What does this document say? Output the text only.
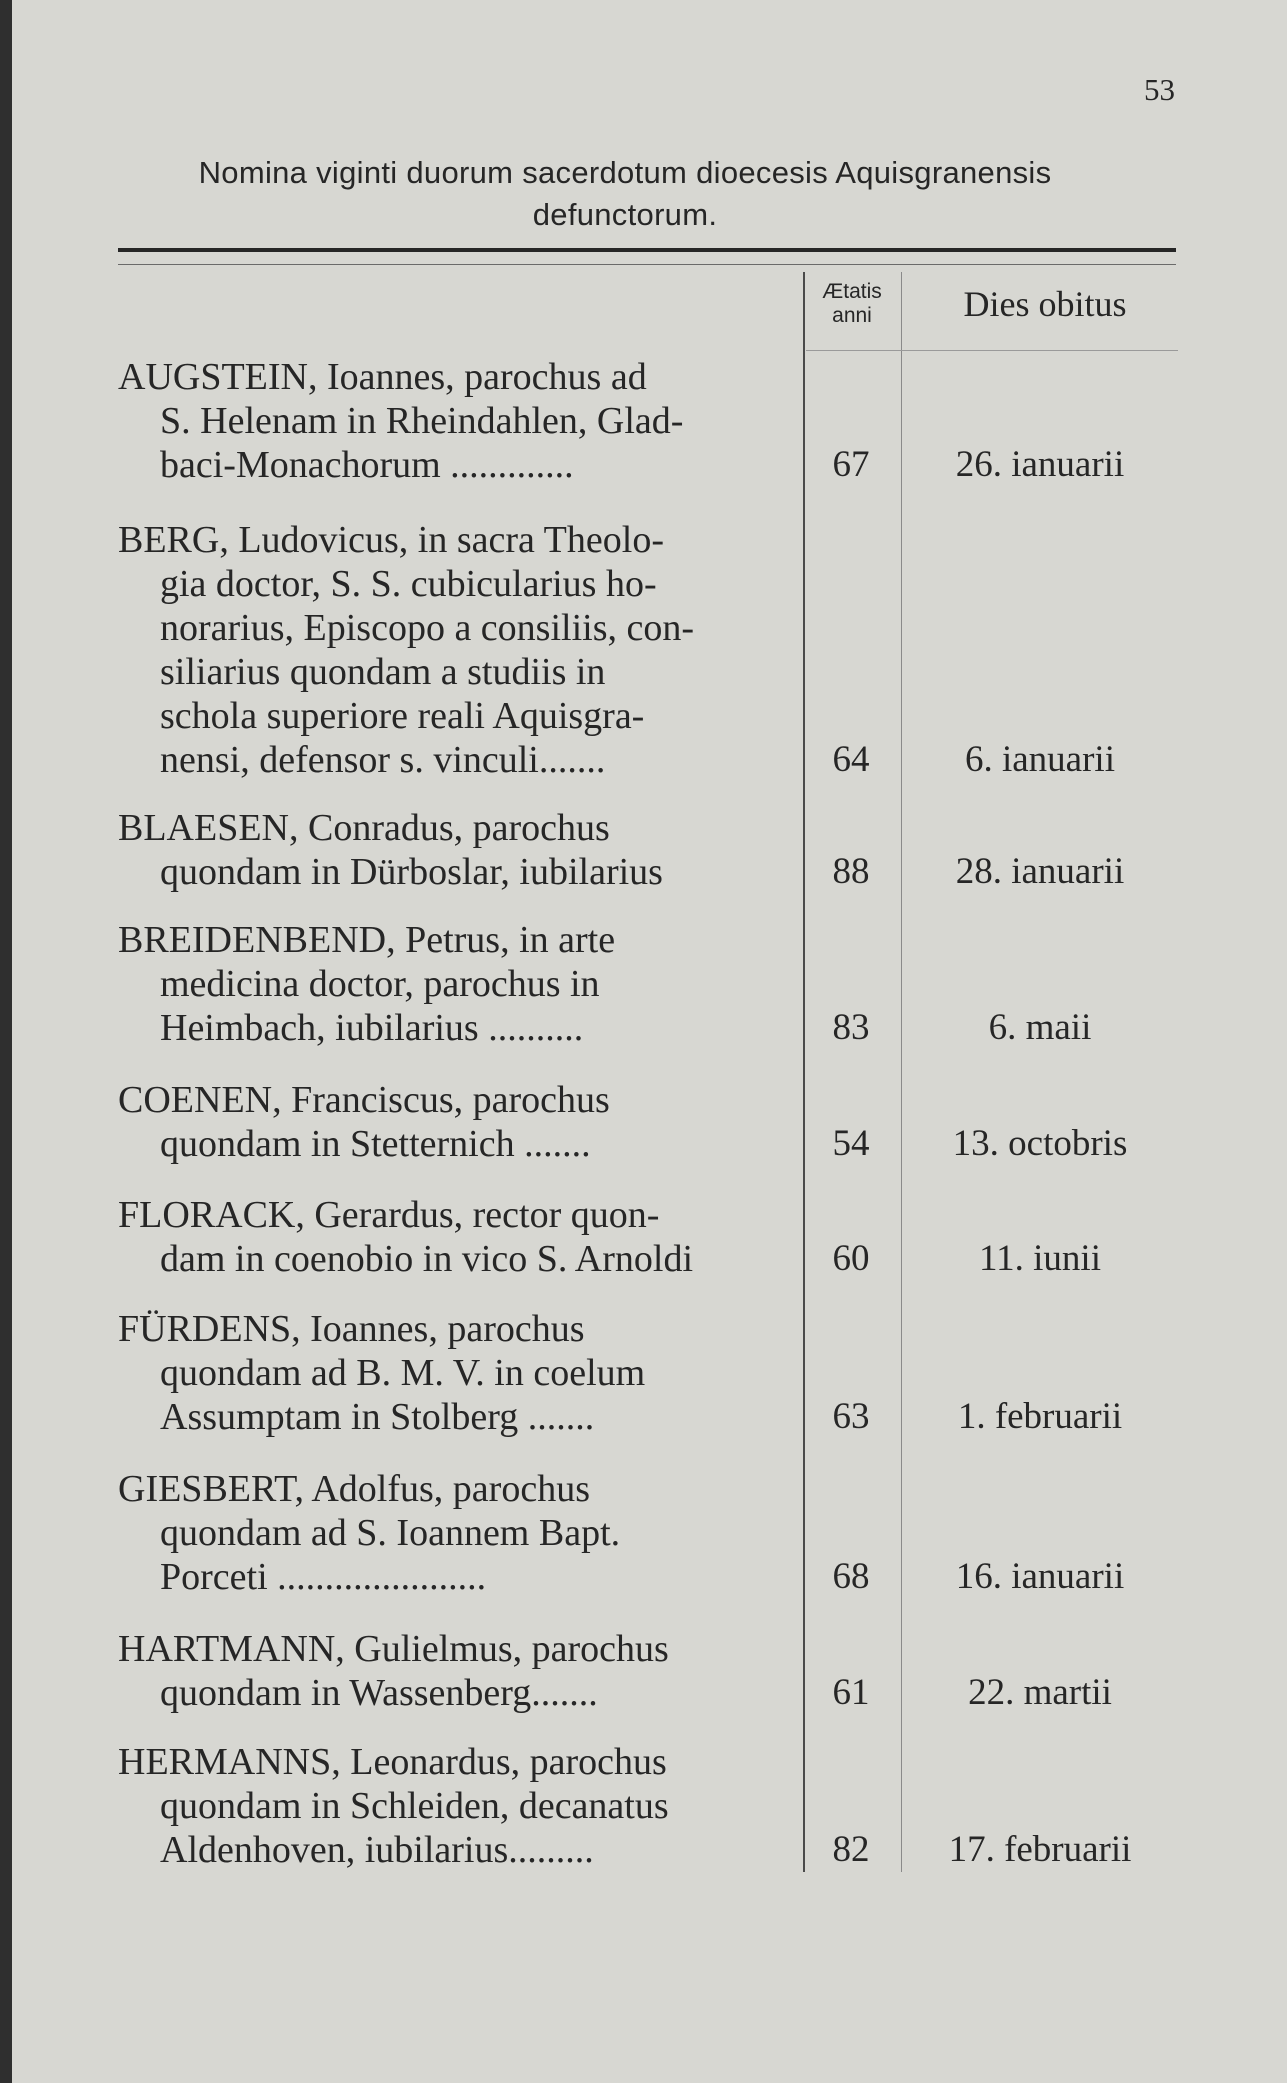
53
Nomina viginti duorum sacerdotum dioecesis Aquisgranensis
defunctorum.
Ætatis
anni	Dies obitus
AUGSTEIN, Ioannes, parochus ad
S. Helenam in Rheindahlen, Glad-
baci-Monachorum .............	67	26. ianuarii
BERG, Ludovicus, in sacra Theolo-
gia doctor, S. S. cubicularius ho-
norarius, Episcopo a consiliis, con-
siliarius quondam a studiis in
schola superiore reali Aquisgra-
nensi, defensor s. vinculi.......	64	6. ianuarii
BLAESEN, Conradus, parochus
quondam in Dürboslar, iubilarius	88	28. ianuarii
BREIDENBEND, Petrus, in arte
medicina doctor, parochus in
Heimbach, iubilarius ..........	83	6. maii
COENEN, Franciscus, parochus
quondam in Stetternich .......	54	13. octobris
FLORACK, Gerardus, rector quon-
dam in coenobio in vico S. Arnoldi	60	11. iunii
FÜRDENS, Ioannes, parochus
quondam ad B. M. V. in coelum
Assumptam in Stolberg .......	63	1. februarii
GIESBERT, Adolfus, parochus
quondam ad S. Ioannem Bapt.
Porceti ......................	68	16. ianuarii
HARTMANN, Gulielmus, parochus
quondam in Wassenberg.......	61	22. martii
HERMANNS, Leonardus, parochus
quondam in Schleiden, decanatus
Aldenhoven, iubilarius.........	82	17. februarii
